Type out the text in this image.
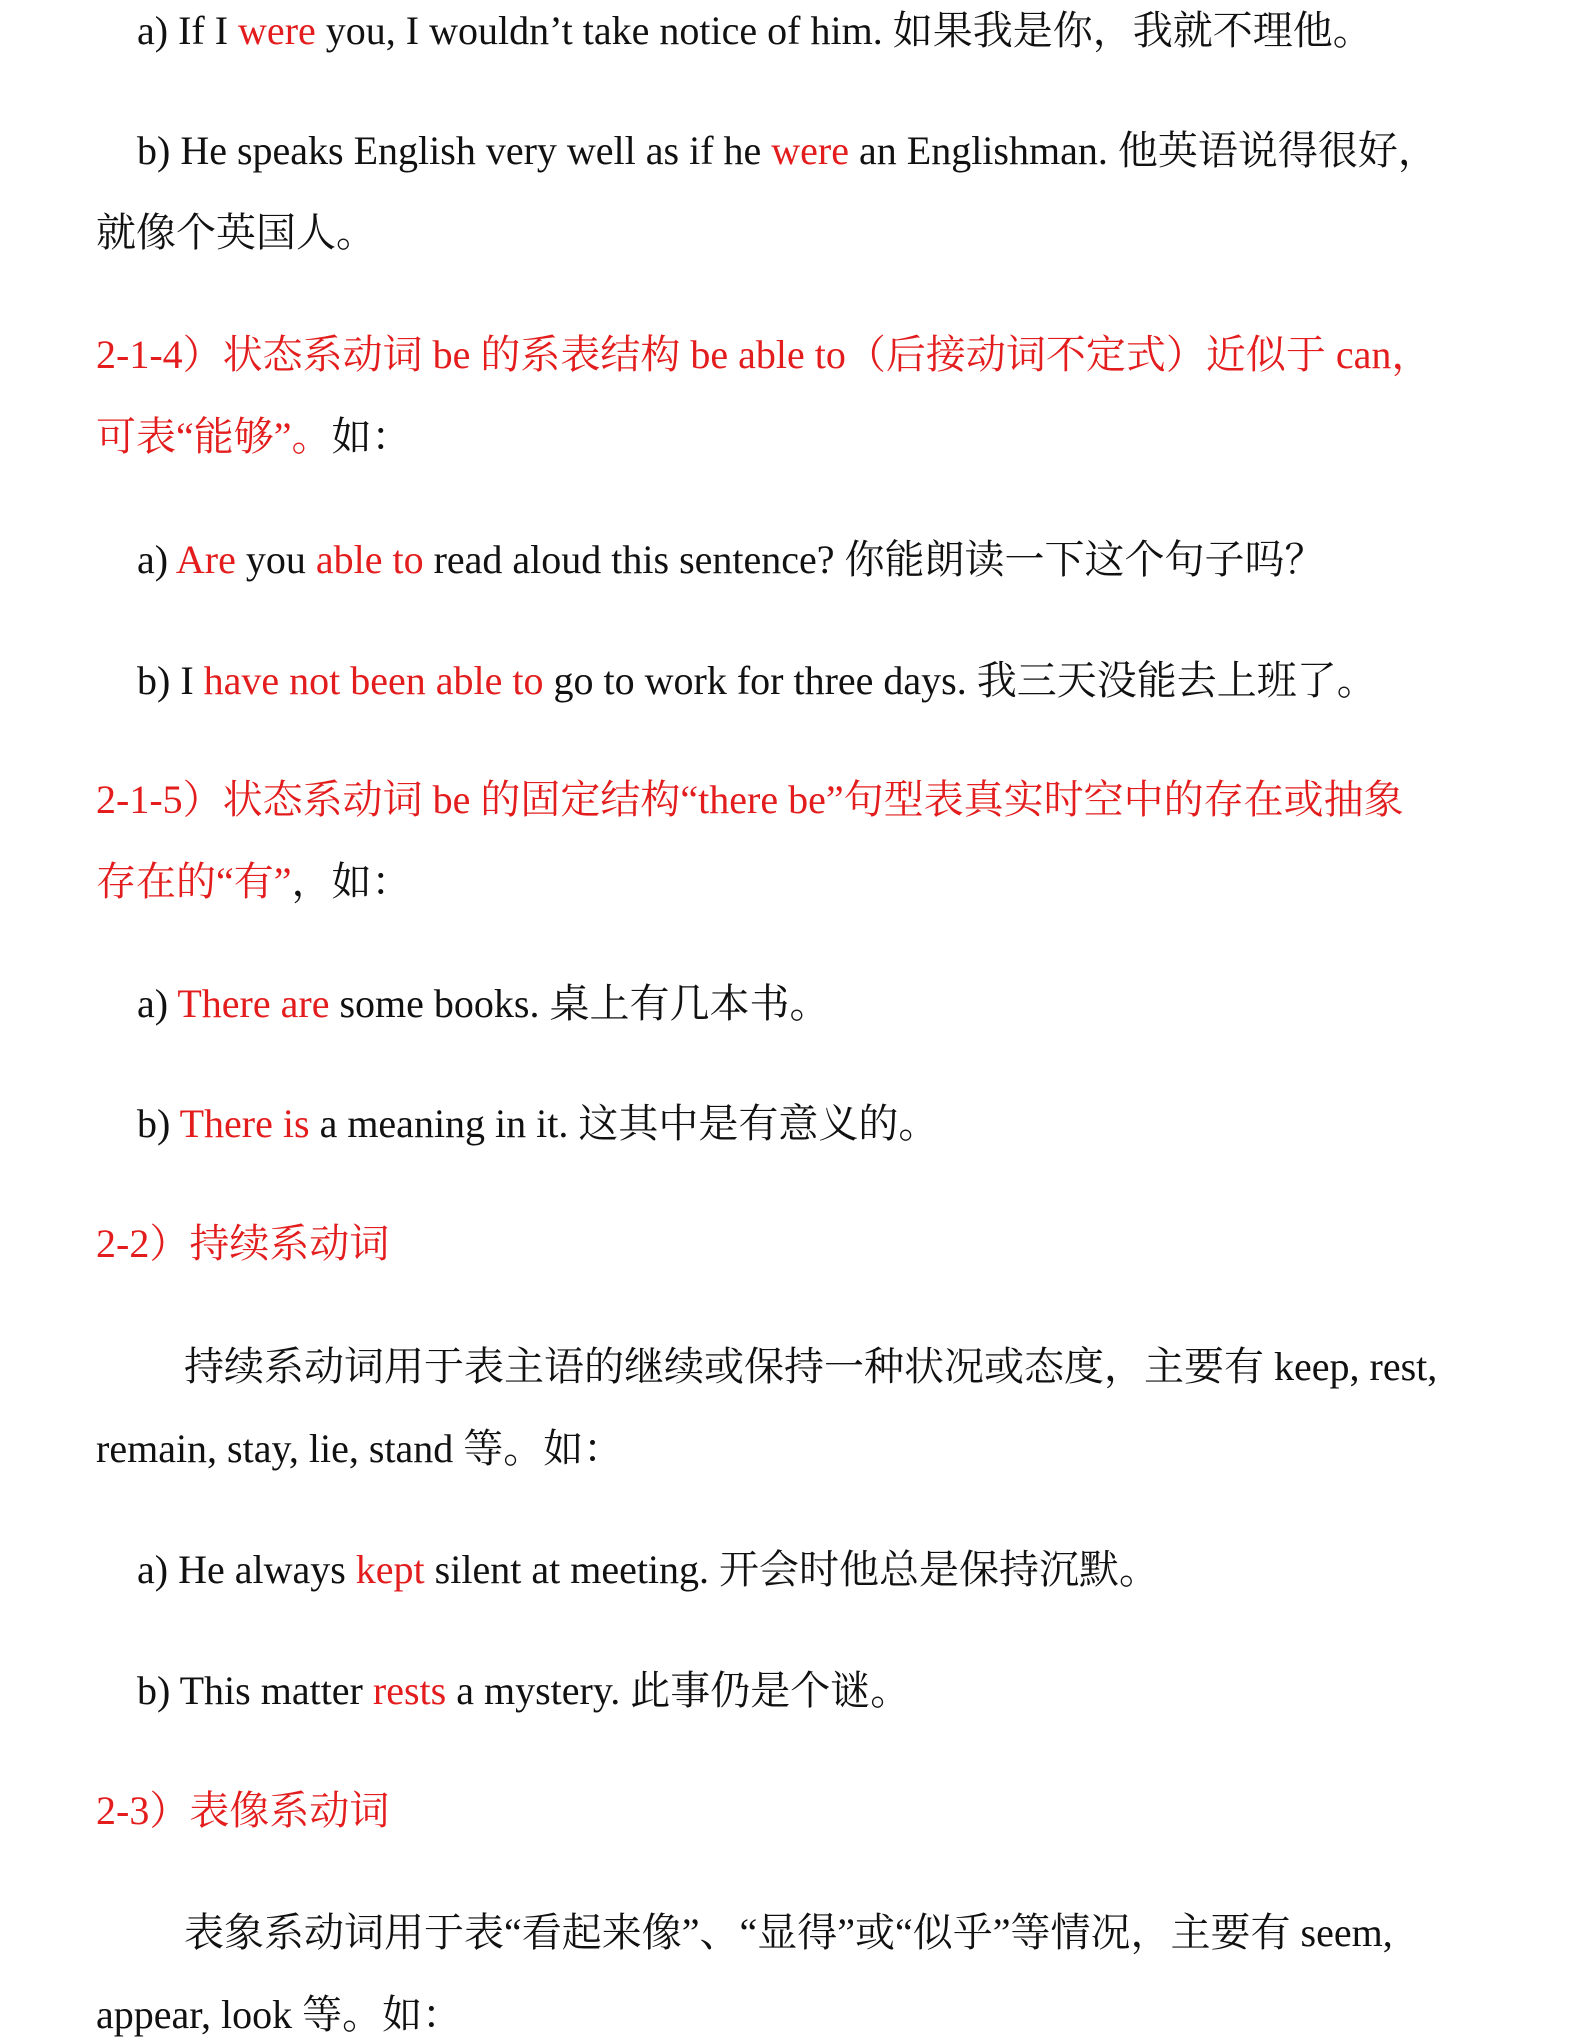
a) If I were you, I wouldn’t take notice of him. 如果我是你，我就不理他。
b) He speaks English very well as if he were an Englishman. 他英语说得很好，
就像个英国人。
2-1-4）状态系动词 be 的系表结构 be able to（后接动词不定式）近似于 can，
可表“能够”。如：
a) Are you able to read aloud this sentence? 你能朗读一下这个句子吗？
b) I have not been able to go to work for three days. 我三天没能去上班了。
2-1-5）状态系动词 be 的固定结构“there be”句型表真实时空中的存在或抽象
存在的“有”，如：
a) There are some books. 桌上有几本书。
b) There is a meaning in it. 这其中是有意义的。
2-2）持续系动词
持续系动词用于表主语的继续或保持一种状况或态度，主要有 keep, rest,
remain, stay, lie, stand 等。如：
a) He always kept silent at meeting. 开会时他总是保持沉默。
b) This matter rests a mystery. 此事仍是个谜。
2-3）表像系动词
表象系动词用于表“看起来像”、“显得”或“似乎”等情况，主要有 seem,
appear, look 等。如：
